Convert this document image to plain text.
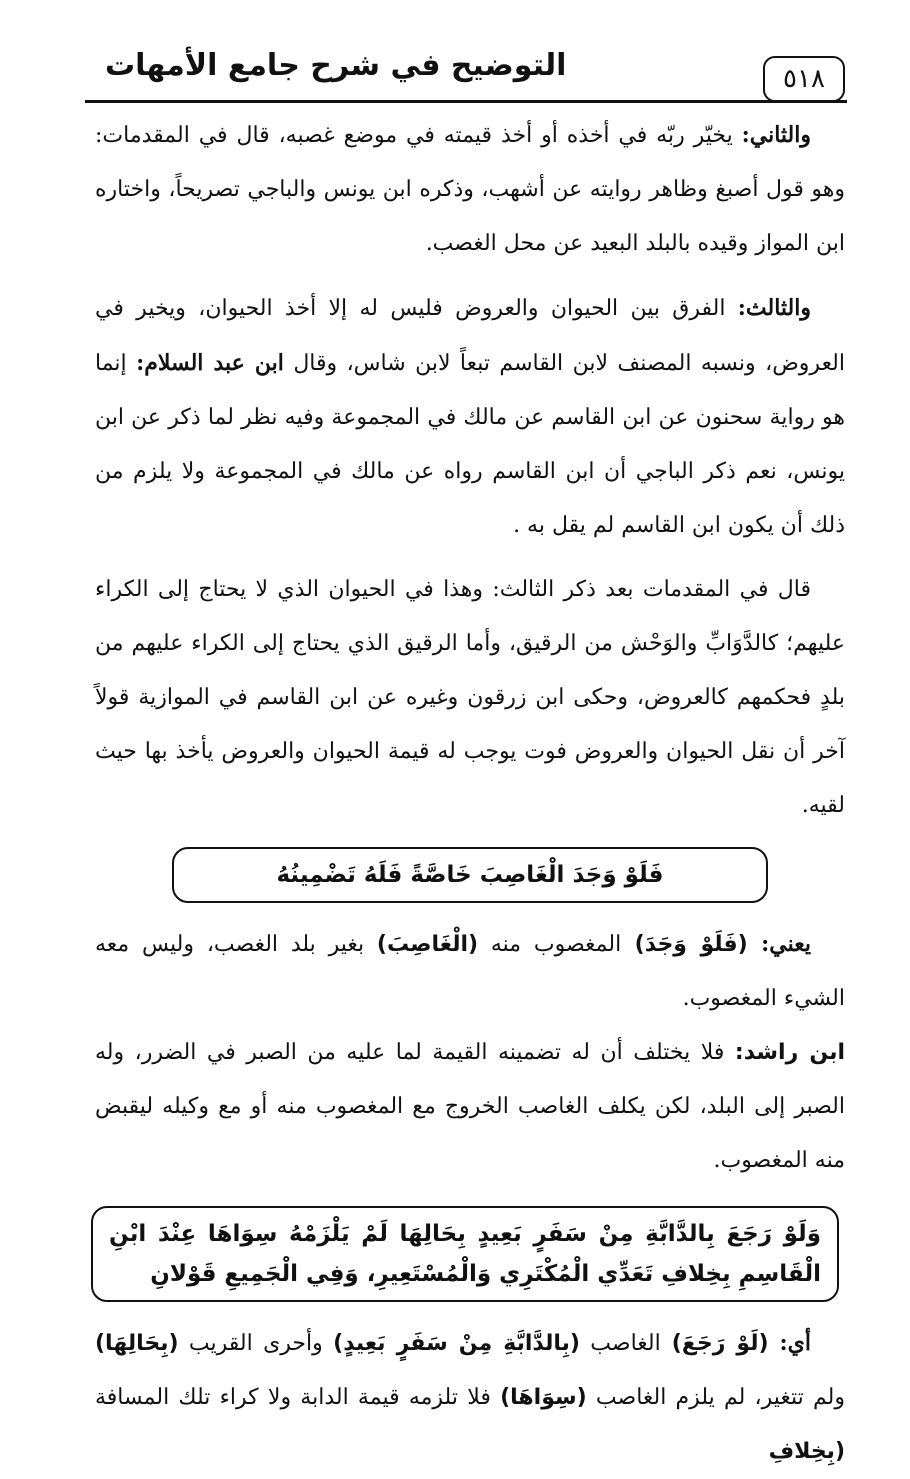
التوضيح في شرح جامع الأمهات	٥١٨

والثاني: يخيّر ربّه في أخذه أو أخذ قيمته في موضع غصبه، قال في المقدمات: وهو قول أصبغ وظاهر روايته عن أشهب، وذكره ابن يونس والباجي تصريحاً، واختاره ابن المواز وقيده بالبلد البعيد عن محل الغصب.

والثالث: الفرق بين الحيوان والعروض فليس له إلا أخذ الحيوان، ويخير في العروض، ونسبه المصنف لابن القاسم تبعاً لابن شاس، وقال ابن عبد السلام: إنما هو رواية سحنون عن ابن القاسم عن مالك في المجموعة وفيه نظر لما ذكر عن ابن يونس، نعم ذكر الباجي أن ابن القاسم رواه عن مالك في المجموعة ولا يلزم من ذلك أن يكون ابن القاسم لم يقل به .

قال في المقدمات بعد ذكر الثالث: وهذا في الحيوان الذي لا يحتاج إلى الكراء عليهم؛ كالدَّوَابِّ والوَحْش من الرقيق، وأما الرقيق الذي يحتاج إلى الكراء عليهم من بلدٍ فحكمهم كالعروض، وحكى ابن زرقون وغيره عن ابن القاسم في الموازية قولاً آخر أن نقل الحيوان والعروض فوت يوجب له قيمة الحيوان والعروض يأخذ بها حيث لقيه.

فَلَوْ وَجَدَ الْغَاصِبَ خَاصَّةً فَلَهُ تَضْمِينُهُ

يعني: (فَلَوْ وَجَدَ) المغصوب منه (الْغَاصِبَ) بغير بلد الغصب، وليس معه الشيء المغصوب.

ابن راشد: فلا يختلف أن له تضمينه القيمة لما عليه من الصبر في الضرر، وله الصبر إلى البلد، لكن يكلف الغاصب الخروج مع المغصوب منه أو مع وكيله ليقبض منه المغصوب.

وَلَوْ رَجَعَ بِالدَّابَّةِ مِنْ سَفَرٍ بَعِيدٍ بِحَالِهَا لَمْ يَلْزَمْهُ سِوَاهَا عِنْدَ ابْنِ الْقَاسِمِ بِخِلافِ تَعَدِّي الْمُكْتَرِي وَالْمُسْتَعِيرِ، وَفِي الْجَمِيعِ قَوْلانِ

أي: (لَوْ رَجَعَ) الغاصب (بِالدَّابَّةِ مِنْ سَفَرٍ بَعِيدٍ) وأحرى القريب (بِحَالِهَا) ولم تتغير، لم يلزم الغاصب (سِوَاهَا) فلا تلزمه قيمة الدابة ولا كراء تلك المسافة (بِخِلافِ
